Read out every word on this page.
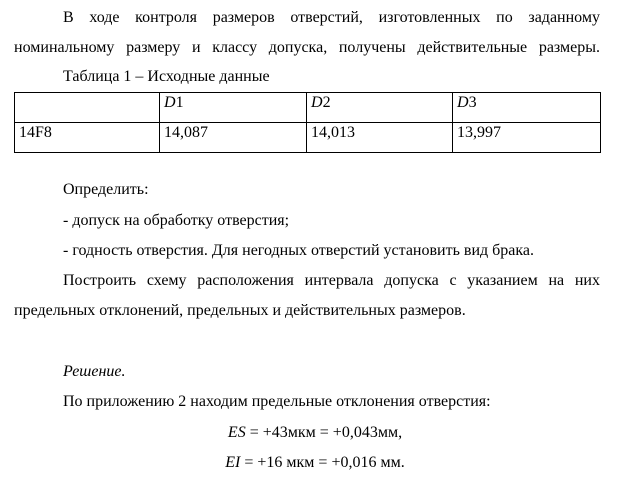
В ходе контроля размеров отверстий, изготовленных по заданному
номинальному размеру и классу допуска, получены действительные размеры.
Таблица 1 – Исходные данные
	D1	D2	D3
14F8	14,087	14,013	13,997
Определить:
- допуск на обработку отверстия;
- годность отверстия. Для негодных отверстий установить вид брака.
Построить схему расположения интервала допуска с указанием на них
предельных отклонений, предельных и действительных размеров.
Решение.
По приложению 2 находим предельные отклонения отверстия:
ES = +43мкм = +0,043мм,
EI = +16 мкм = +0,016 мм.
